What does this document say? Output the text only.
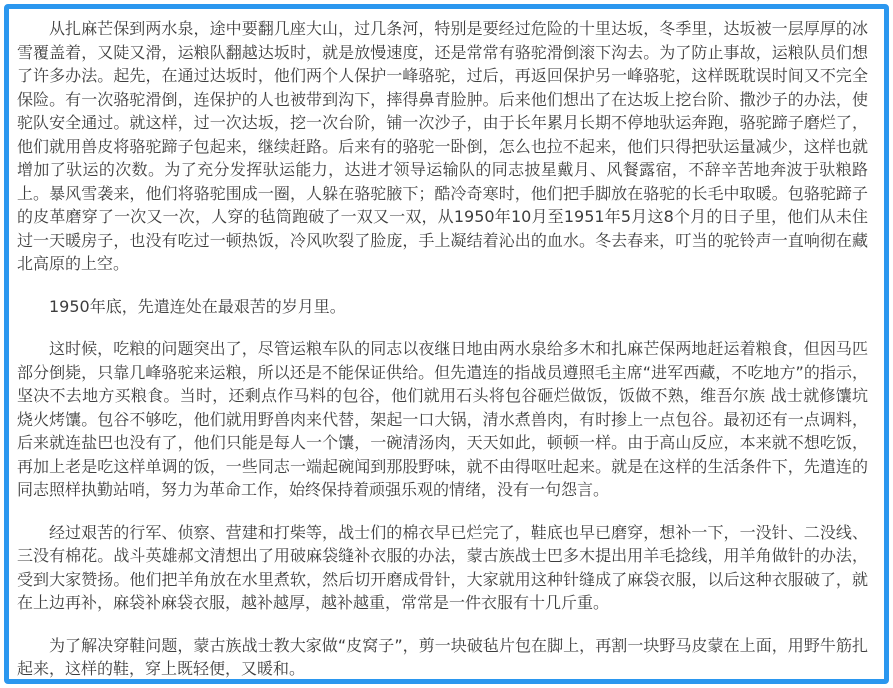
从扎麻芒保到两水泉，途中要翻几座大山，过几条河，特别是要经过危险的十里达坂，冬季里，达坂被一层厚厚的冰雪覆盖着，又陡又滑，运粮队翻越达坂时，就是放慢速度，还是常常有骆驼滑倒滚下沟去。为了防止事故，运粮队员们想了许多办法。起先，在通过达坂时，他们两个人保护一峰骆驼，过后，再返回保护另一峰骆驼，这样既耽误时间又不完全保险。有一次骆驼滑倒，连保护的人也被带到沟下，摔得鼻青脸肿。后来他们想出了在达坂上挖台阶、撒沙子的办法，使驼队安全通过。就这样，过一次达坂，挖一次台阶，铺一次沙子，由于长年累月长期不停地驮运奔跑，骆驼蹄子磨烂了，他们就用兽皮将骆驼蹄子包起来，继续赶路。后来有的骆驼一卧倒，怎么也拉不起来，他们只得把驮运量减少，这样也就增加了驮运的次数。为了充分发挥驮运能力，达进才领导运输队的同志披星戴月、风餐露宿，不辞辛苦地奔波于驮粮路上。暴风雪袭来，他们将骆驼围成一圈，人躲在骆驼腋下；酷冷奇寒时，他们把手脚放在骆驼的长毛中取暖。包骆驼蹄子的皮革磨穿了一次又一次，人穿的毡筒跑破了一双又一双，从1950年10月至1951年5月这8个月的日子里，他们从未住过一天暖房子，也没有吃过一顿热饭，冷风吹裂了脸庞，手上凝结着沁出的血水。冬去春来，叮当的驼铃声一直响彻在藏北高原的上空。

1950年底，先遣连处在最艰苦的岁月里。

这时候，吃粮的问题突出了，尽管运粮车队的同志以夜继日地由两水泉给多木和扎麻芒保两地赶运着粮食，但因马匹部分倒毙，只靠几峰骆驼来运粮，所以还是不能保证供给。但先遣连的指战员遵照毛主席“进军西藏，不吃地方”的指示，坚决不去地方买粮食。当时，还剩点作马料的包谷，他们就用石头将包谷砸烂做饭，饭做不熟，维吾尔族 战士就修馕坑烧火烤馕。包谷不够吃，他们就用野兽肉来代替，架起一口大锅，清水煮兽肉，有时掺上一点包谷。最初还有一点调料，后来就连盐巴也没有了，他们只能是每人一个馕，一碗清汤肉，天天如此，顿顿一样。由于高山反应，本来就不想吃饭，再加上老是吃这样单调的饭，一些同志一端起碗闻到那股野味，就不由得呕吐起来。就是在这样的生活条件下，先遣连的同志照样执勤站哨，努力为革命工作，始终保持着顽强乐观的情绪，没有一句怨言。

经过艰苦的行军、侦察、营建和打柴等，战士们的棉衣早已烂完了，鞋底也早已磨穿，想补一下，一没针、二没线、三没有棉花。战斗英雄郝文清想出了用破麻袋缝补衣服的办法，蒙古族战士巴多木提出用羊毛捻线，用羊角做针的办法，受到大家赞扬。他们把羊角放在水里煮软，然后切开磨成骨针，大家就用这种针缝成了麻袋衣服，以后这种衣服破了，就在上边再补，麻袋补麻袋衣服，越补越厚，越补越重，常常是一件衣服有十几斤重。

为了解决穿鞋问题，蒙古族战士教大家做“皮窝子”，剪一块破毡片包在脚上，再割一块野马皮蒙在上面，用野牛筋扎起来，这样的鞋，穿上既轻便，又暖和。
